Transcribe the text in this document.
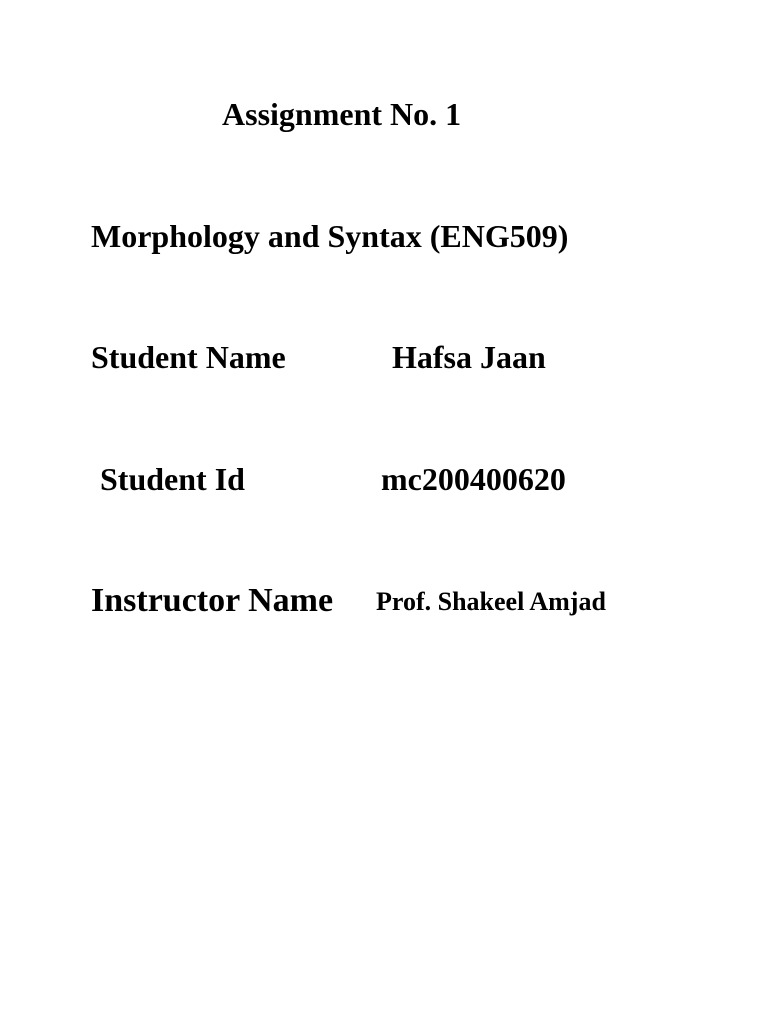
Assignment No. 1
Morphology and Syntax (ENG509)
Student Name	Hafsa Jaan
Student Id	mc200400620
Instructor Name Prof. Shakeel Amjad
